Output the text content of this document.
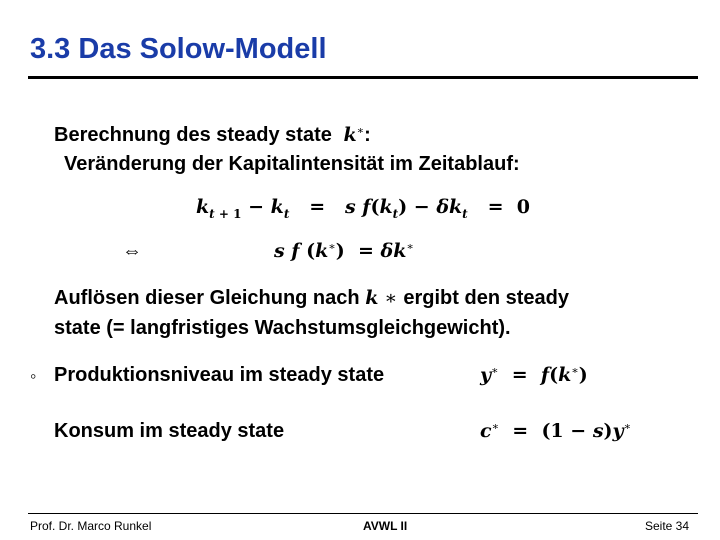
3.3 Das Solow-Modell
Berechnung des steady state k∗:
Veränderung der Kapitalintensität im Zeitablauf:
$k_{t + 1} - k_t = s$ $f(k_t) - \delta k_t = 0$
⇔	s f (k∗)  = δk∗
Auflösen dieser Gleichung nach k ∗ ergibt den steady
state (= langfristiges Wachstumsgleichgewicht).
◦ Produktionsniveau im steady state	y∗  =  f(k∗)
Konsum im steady state	c∗  =  (1 − s)y∗
Prof. Dr. Marco Runkel	AVWL II	Seite 34
